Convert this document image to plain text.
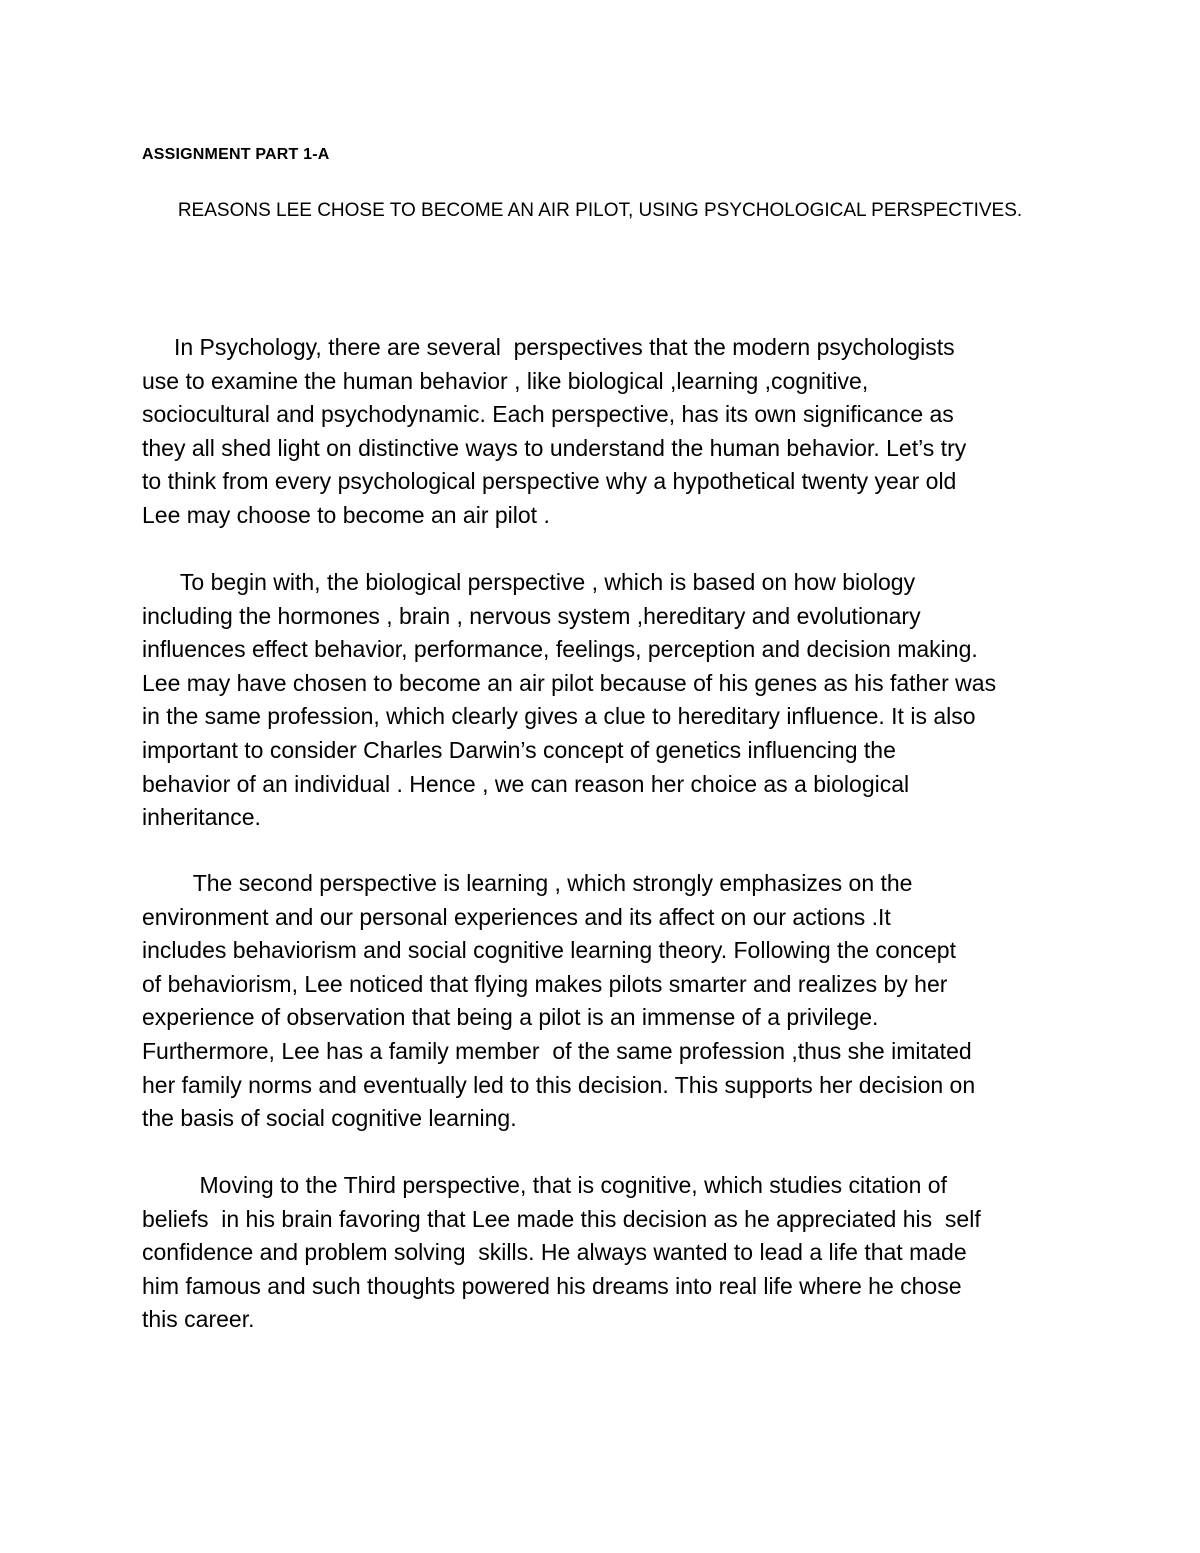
ASSIGNMENT PART 1-A
REASONS LEE CHOSE TO BECOME AN AIR PILOT, USING PSYCHOLOGICAL PERSPECTIVES.
In Psychology, there are several  perspectives that the modern psychologists
use to examine the human behavior , like biological ,learning ,cognitive,
sociocultural and psychodynamic. Each perspective, has its own significance as
they all shed light on distinctive ways to understand the human behavior. Let’s try
to think from every psychological perspective why a hypothetical twenty year old
Lee may choose to become an air pilot .
To begin with, the biological perspective , which is based on how biology
including the hormones , brain , nervous system ,hereditary and evolutionary
influences effect behavior, performance, feelings, perception and decision making.
Lee may have chosen to become an air pilot because of his genes as his father was
in the same profession, which clearly gives a clue to hereditary influence. It is also
important to consider Charles Darwin’s concept of genetics influencing the
behavior of an individual . Hence , we can reason her choice as a biological
inheritance.
The second perspective is learning , which strongly emphasizes on the
environment and our personal experiences and its affect on our actions .It
includes behaviorism and social cognitive learning theory. Following the concept
of behaviorism, Lee noticed that flying makes pilots smarter and realizes by her
experience of observation that being a pilot is an immense of a privilege.
Furthermore, Lee has a family member  of the same profession ,thus she imitated
her family norms and eventually led to this decision. This supports her decision on
the basis of social cognitive learning.
Moving to the Third perspective, that is cognitive, which studies citation of
beliefs  in his brain favoring that Lee made this decision as he appreciated his  self
confidence and problem solving  skills. He always wanted to lead a life that made
him famous and such thoughts powered his dreams into real life where he chose
this career.
